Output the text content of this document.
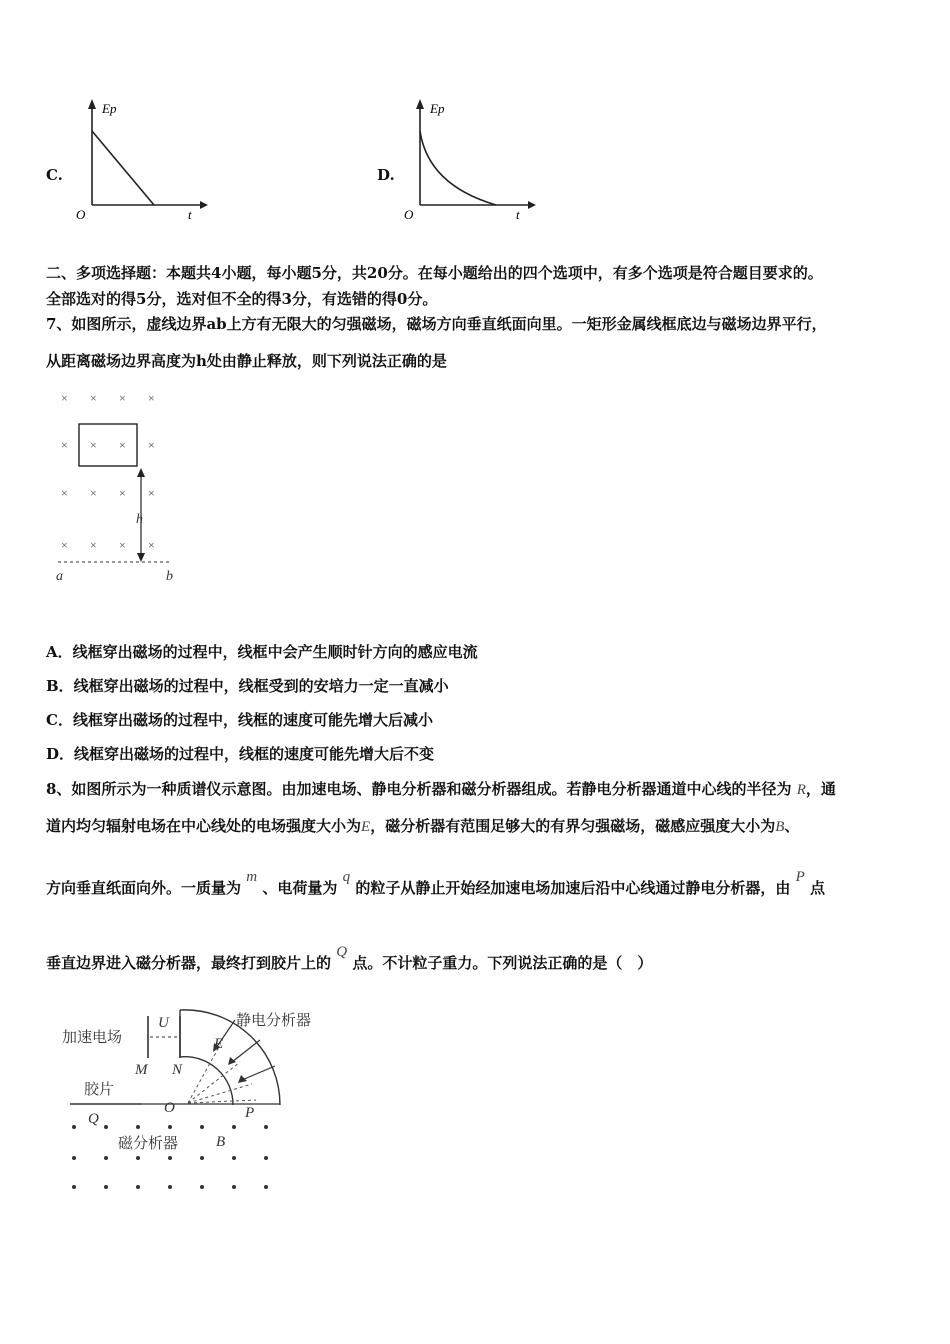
C.
Ep
t
O
D.
Ep
t
O
二、多项选择题：本题共4小题，每小题5分，共20分。在每小题给出的四个选项中，有多个选项是符合题目要求的。
全部选对的得5分，选对但不全的得3分，有选错的得0分。
7、如图所示，虚线边界ab上方有无限大的匀强磁场，磁场方向垂直纸面向里。一矩形金属线框底边与磁场边界平行，
从距离磁场边界高度为h处由静止释放，则下列说法正确的是
× × × ×
× × × ×
× × × ×
× × × ×
h
a	b
A．线框穿出磁场的过程中，线框中会产生顺时针方向的感应电流
B．线框穿出磁场的过程中，线框受到的安培力一定一直减小
C．线框穿出磁场的过程中，线框的速度可能先增大后减小
D．线框穿出磁场的过程中，线框的速度可能先增大后不变
8、如图所示为一种质谱仪示意图。由加速电场、静电分析器和磁分析器组成。若静电分析器通道中心线的半径为 R，通
道内均匀辐射电场在中心线处的电场强度大小为E，磁分析器有范围足够大的有界匀强磁场，磁感应强度大小为B、
方向垂直纸面向外。一质量为 m 、电荷量为 q 的粒子从静止开始经加速电场加速后沿中心线通过静电分析器，由 P 点
垂直边界进入磁分析器，最终打到胶片上的 Q 点。不计粒子重力。下列说法正确的是（　）
加速电场
U
M N
E
静电分析器
O	P
胶片
Q
磁分析器	B
